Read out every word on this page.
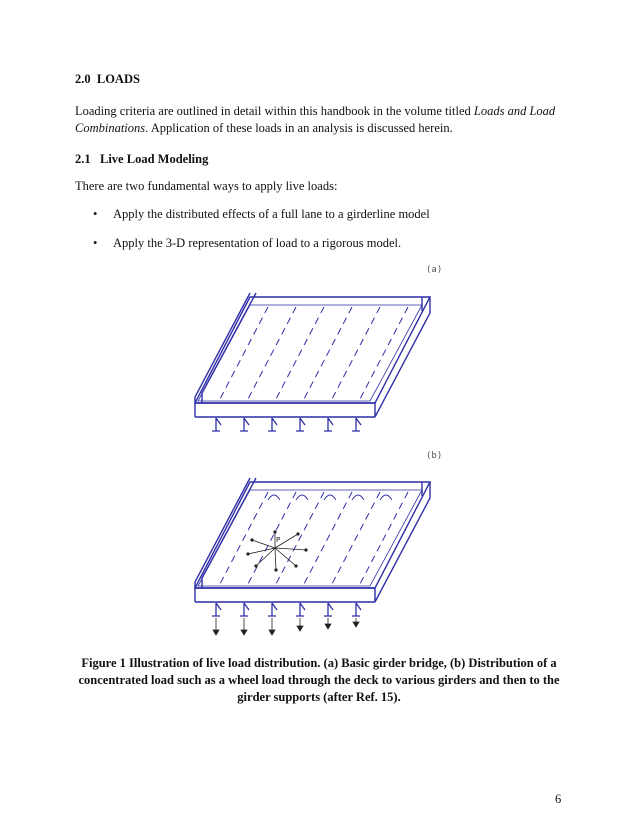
2.0 LOADS
Loading criteria are outlined in detail within this handbook in the volume titled Loads and Load
Combinations. Application of these loads in an analysis is discussed herein.
2.1 Live Load Modeling
There are two fundamental ways to apply live loads:
• Apply the distributed effects of a full lane to a girderline model
• Apply the 3-D representation of load to a rigorous model.
(a)
(b)
P
Figure 1 Illustration of live load distribution. (a) Basic girder bridge, (b) Distribution of a
concentrated load such as a wheel load through the deck to various girders and then to the
girder supports (after Ref. 15).
6
